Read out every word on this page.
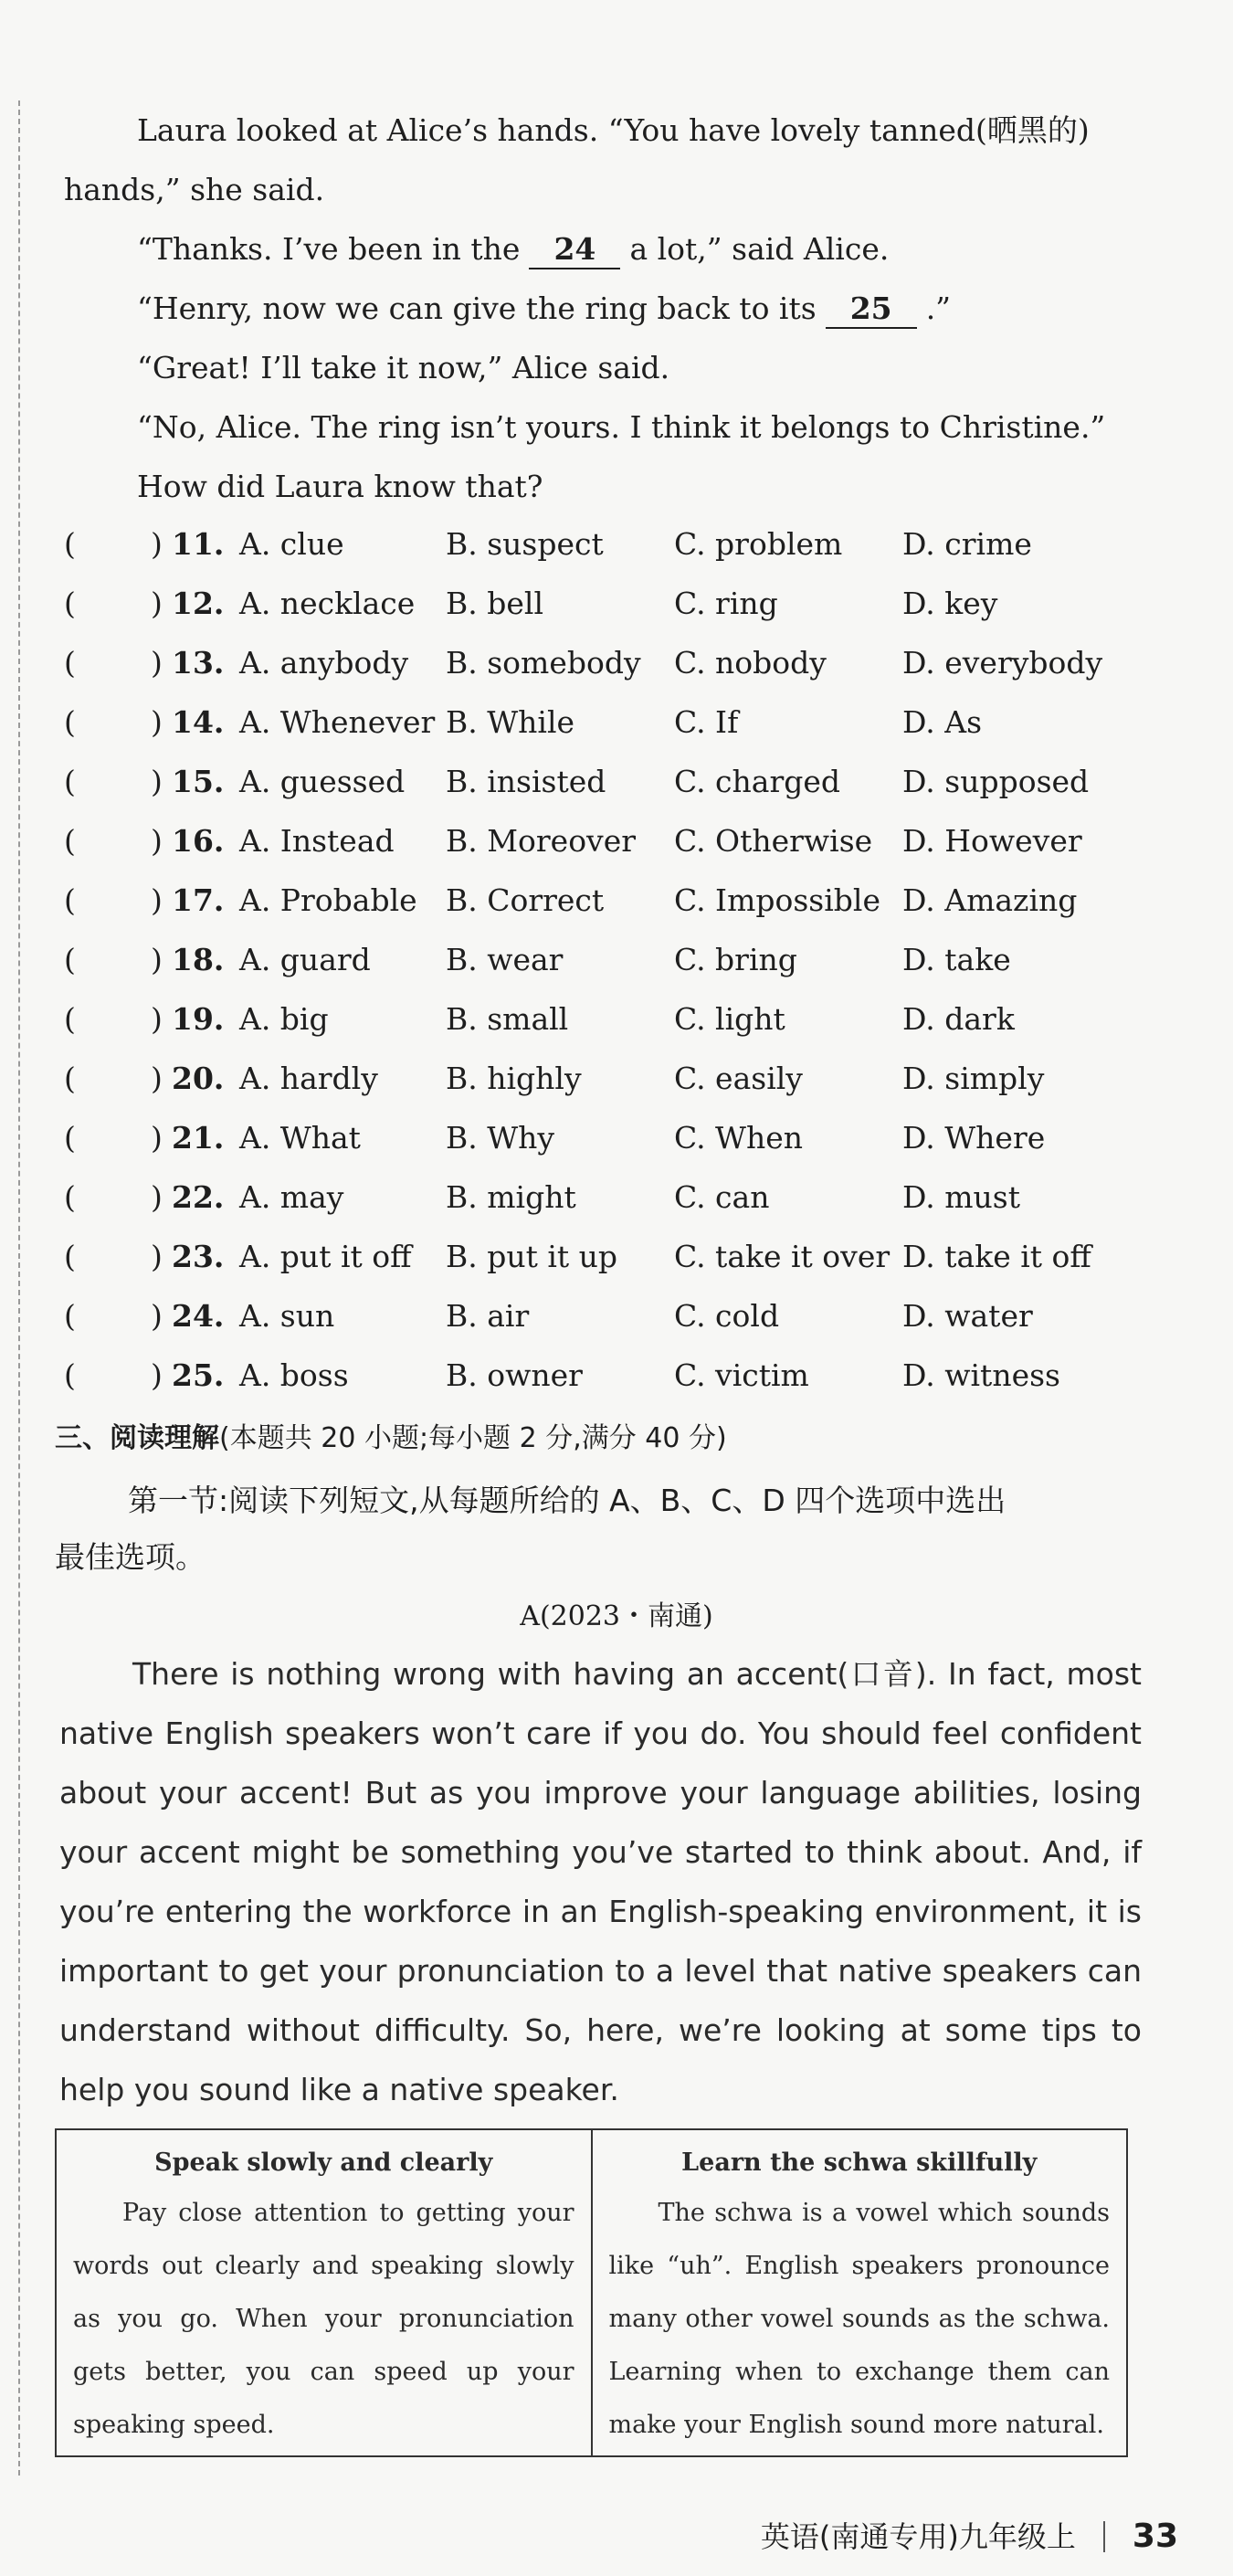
Laura looked at Alice’s hands. “You have lovely tanned(晒黑的)
hands,” she said.
“Thanks. I’ve been in the 24 a lot,” said Alice.
“Henry, now we can give the ring back to its 25 .”
“Great! I’ll take it now,” Alice said.
“No, Alice. The ring isn’t yours. I think it belongs to Christine.”
How did Laura know that?
( ) 11. A. clue	B. suspect C. problem D. crime
( ) 12. A. necklace B. bell	C. ring	D. key
( ) 13. A. anybody B. somebody C. nobody	D. everybody
( ) 14. A. Whenever B. While	C. If	D. As
( ) 15. A. guessed B. insisted C. charged D. supposed
( ) 16. A. Instead B. Moreover C. Otherwise D. However
( ) 17. A. Probable B. Correct C. Impossible D. Amazing
( ) 18. A. guard B. wear	C. bring	D. take
( ) 19. A. big	B. small	C. light	D. dark
( ) 20. A. hardly B. highly	C. easily	D. simply
( ) 21. A. What	B. Why	C. When	D. Where
( ) 22. A. may	B. might	C. can	D. must
( ) 23. A. put it off B. put it up C. take it over D. take it off
( ) 24. A. sun	B. air	C. cold	D. water
( ) 25. A. boss	B. owner	C. victim	D. witness
三、阅读理解(本题共 20 小题;每小题 2 分,满分 40 分)
第一节:阅读下列短文,从每题所给的 A、B、C、D 四个选项中选出
最佳选项。
A(2023・南通)
There is nothing wrong with having an accent(口音). In fact, most native English speakers won’t care if you do. You should feel confident about your accent! But as you improve your language abilities, losing your accent might be something you’ve started to think about. And, if you’re entering the workforce in an English-speaking environment, it is important to get your pronunciation to a level that native speakers can understand without difficulty. So, here, we’re looking at some tips to help you sound like a native speaker.
Speak slowly and clearly
Pay close attention to getting your words out clearly and speaking slowly as you go. When your pronunciation gets better, you can speed up your speaking speed.
Learn the schwa skillfully
The schwa is a vowel which sounds like “uh”. English speakers pronounce many other vowel sounds as the schwa. Learning when to exchange them can make your English sound more natural.
英语(南通专用)九年级上 33
